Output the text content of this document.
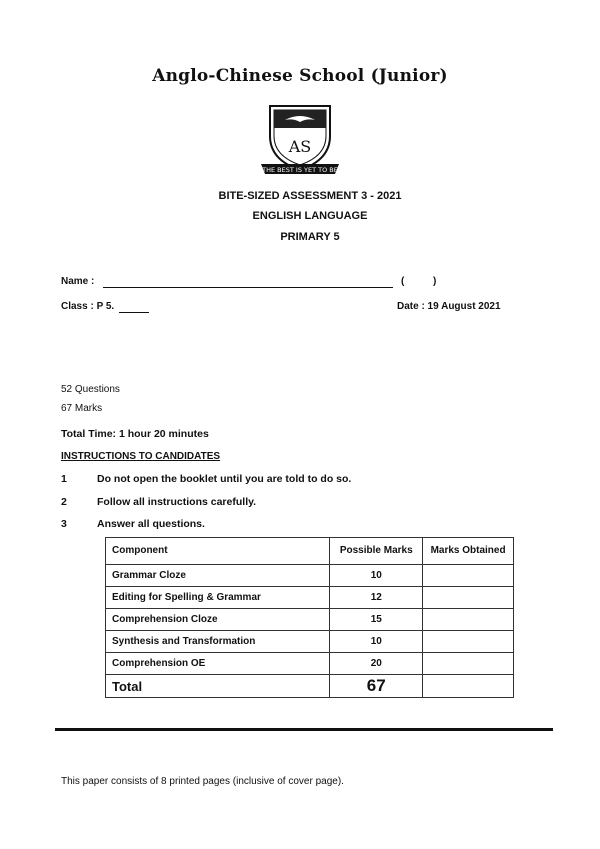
Anglo-Chinese School (Junior)
AS
THE BEST IS YET TO BE
BITE-SIZED ASSESSMENT 3 - 2021
ENGLISH LANGUAGE
PRIMARY 5
Name :	(	)
Class : P 5.	Date : 19 August 2021
52 Questions
67 Marks
Total Time: 1 hour 20 minutes
INSTRUCTIONS TO CANDIDATES
1	Do not open the booklet until you are told to do so.
2	Follow all instructions carefully.
3	Answer all questions.
Component	Possible Marks	Marks Obtained
Grammar Cloze	10	
Editing for Spelling & Grammar	12	
Comprehension Cloze	15	
Synthesis and Transformation	10	
Comprehension OE	20	
Total	67	
This paper consists of 8 printed pages (inclusive of cover page).
